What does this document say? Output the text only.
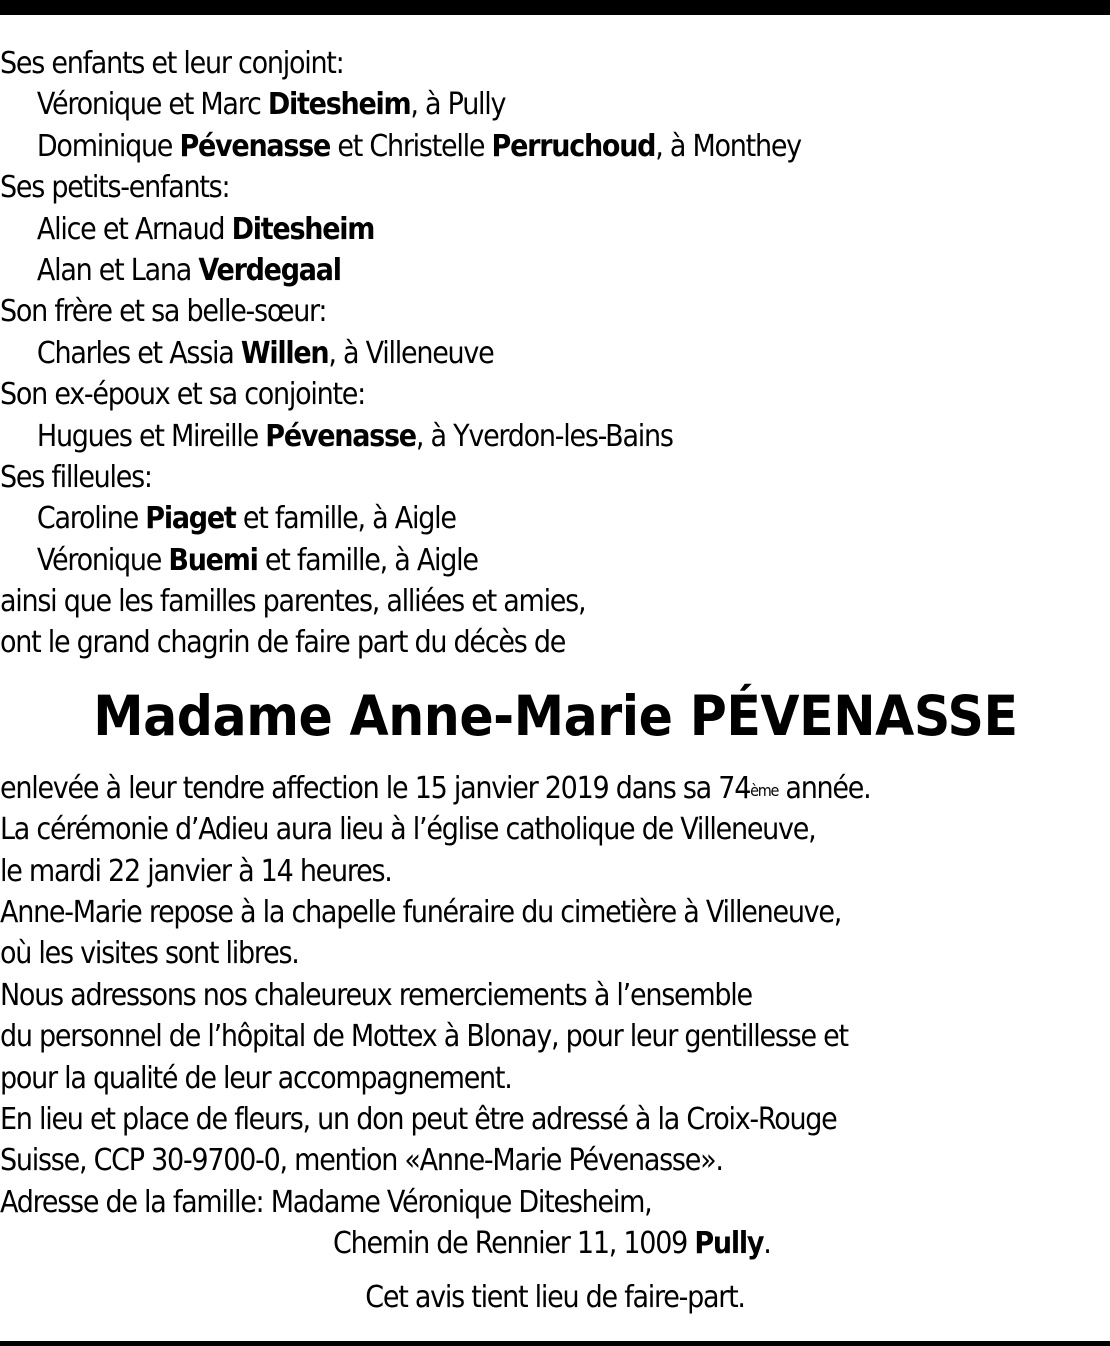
Ses enfants et leur conjoint:
Véronique et Marc Ditesheim, à Pully
Dominique Pévenasse et Christelle Perruchoud, à Monthey
Ses petits-enfants:
Alice et Arnaud Ditesheim
Alan et Lana Verdegaal
Son frère et sa belle-sœur:
Charles et Assia Willen, à Villeneuve
Son ex-époux et sa conjointe:
Hugues et Mireille Pévenasse, à Yverdon-les-Bains
Ses filleules:
Caroline Piaget et famille, à Aigle
Véronique Buemi et famille, à Aigle
ainsi que les familles parentes, alliées et amies,
ont le grand chagrin de faire part du décès de
Madame Anne-Marie PÉVENASSE
enlevée à leur tendre affection le 15 janvier 2019 dans sa 74ème année.
La cérémonie d’Adieu aura lieu à l’église catholique de Villeneuve,
le mardi 22 janvier à 14 heures.
Anne-Marie repose à la chapelle funéraire du cimetière à Villeneuve,
où les visites sont libres.
Nous adressons nos chaleureux remerciements à l’ensemble
du personnel de l’hôpital de Mottex à Blonay, pour leur gentillesse et
pour la qualité de leur accompagnement.
En lieu et place de fleurs, un don peut être adressé à la Croix-Rouge
Suisse, CCP 30-9700-0, mention «Anne-Marie Pévenasse».
Adresse de la famille: Madame Véronique Ditesheim,
Chemin de Rennier 11, 1009 Pully.
Cet avis tient lieu de faire-part.
